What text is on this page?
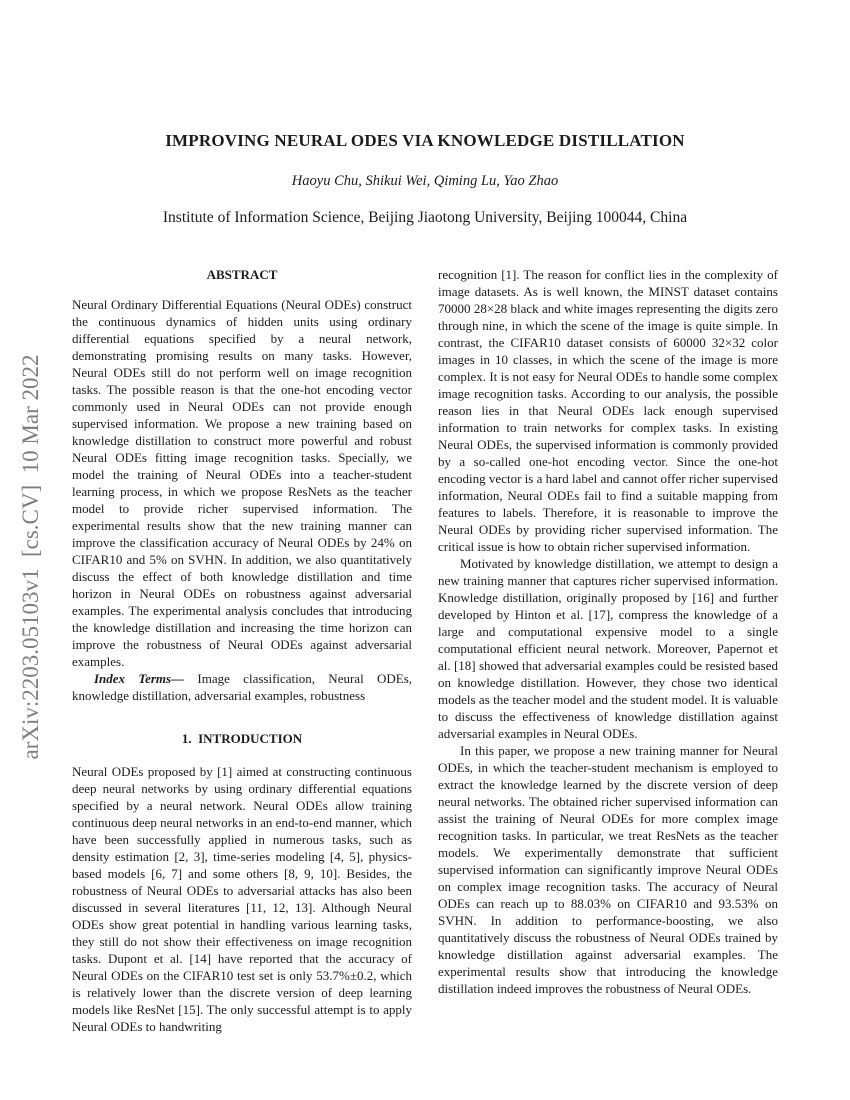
arXiv:2203.05103v1  [cs.CV]  10 Mar 2022
IMPROVING NEURAL ODES VIA KNOWLEDGE DISTILLATION
Haoyu Chu, Shikui Wei, Qiming Lu, Yao Zhao
Institute of Information Science, Beijing Jiaotong University, Beijing 100044, China
ABSTRACT

Neural Ordinary Differential Equations (Neural ODEs) construct the continuous dynamics of hidden units using ordinary differential equations specified by a neural network, demonstrating promising results on many tasks. However, Neural ODEs still do not perform well on image recognition tasks. The possible reason is that the one-hot encoding vector commonly used in Neural ODEs can not provide enough supervised information. We propose a new training based on knowledge distillation to construct more powerful and robust Neural ODEs fitting image recognition tasks. Specially, we model the training of Neural ODEs into a teacher-student learning process, in which we propose ResNets as the teacher model to provide richer supervised information. The experimental results show that the new training manner can improve the classification accuracy of Neural ODEs by 24% on CIFAR10 and 5% on SVHN. In addition, we also quantitatively discuss the effect of both knowledge distillation and time horizon in Neural ODEs on robustness against adversarial examples. The experimental analysis concludes that introducing the knowledge distillation and increasing the time horizon can improve the robustness of Neural ODEs against adversarial examples.

Index Terms— Image classification, Neural ODEs, knowledge distillation, adversarial examples, robustness

1.  INTRODUCTION

Neural ODEs proposed by [1] aimed at constructing continuous deep neural networks by using ordinary differential equations specified by a neural network. Neural ODEs allow training continuous deep neural networks in an end-to-end manner, which have been successfully applied in numerous tasks, such as density estimation [2, 3], time-series modeling [4, 5], physics-based models [6, 7] and some others [8, 9, 10]. Besides, the robustness of Neural ODEs to adversarial attacks has also been discussed in several literatures [11, 12, 13]. Although Neural ODEs show great potential in handling various learning tasks, they still do not show their effectiveness on image recognition tasks. Dupont et al. [14] have reported that the accuracy of Neural ODEs on the CIFAR10 test set is only 53.7%±0.2, which is relatively lower than the discrete version of deep learning models like ResNet [15]. The only successful attempt is to apply Neural ODEs to handwriting

recognition [1]. The reason for conflict lies in the complexity of image datasets. As is well known, the MINST dataset contains 70000 28×28 black and white images representing the digits zero through nine, in which the scene of the image is quite simple. In contrast, the CIFAR10 dataset consists of 60000 32×32 color images in 10 classes, in which the scene of the image is more complex. It is not easy for Neural ODEs to handle some complex image recognition tasks. According to our analysis, the possible reason lies in that Neural ODEs lack enough supervised information to train networks for complex tasks. In existing Neural ODEs, the supervised information is commonly provided by a so-called one-hot encoding vector. Since the one-hot encoding vector is a hard label and cannot offer richer supervised information, Neural ODEs fail to find a suitable mapping from features to labels. Therefore, it is reasonable to improve the Neural ODEs by providing richer supervised information. The critical issue is how to obtain richer supervised information.

Motivated by knowledge distillation, we attempt to design a new training manner that captures richer supervised information. Knowledge distillation, originally proposed by [16] and further developed by Hinton et al. [17], compress the knowledge of a large and computational expensive model to a single computational efficient neural network. Moreover, Papernot et al. [18] showed that adversarial examples could be resisted based on knowledge distillation. However, they chose two identical models as the teacher model and the student model. It is valuable to discuss the effectiveness of knowledge distillation against adversarial examples in Neural ODEs.

In this paper, we propose a new training manner for Neural ODEs, in which the teacher-student mechanism is employed to extract the knowledge learned by the discrete version of deep neural networks. The obtained richer supervised information can assist the training of Neural ODEs for more complex image recognition tasks. In particular, we treat ResNets as the teacher models. We experimentally demonstrate that sufficient supervised information can significantly improve Neural ODEs on complex image recognition tasks. The accuracy of Neural ODEs can reach up to 88.03% on CIFAR10 and 93.53% on SVHN. In addition to performance-boosting, we also quantitatively discuss the robustness of Neural ODEs trained by knowledge distillation against adversarial examples. The experimental results show that introducing the knowledge distillation indeed improves the robustness of Neural ODEs.
